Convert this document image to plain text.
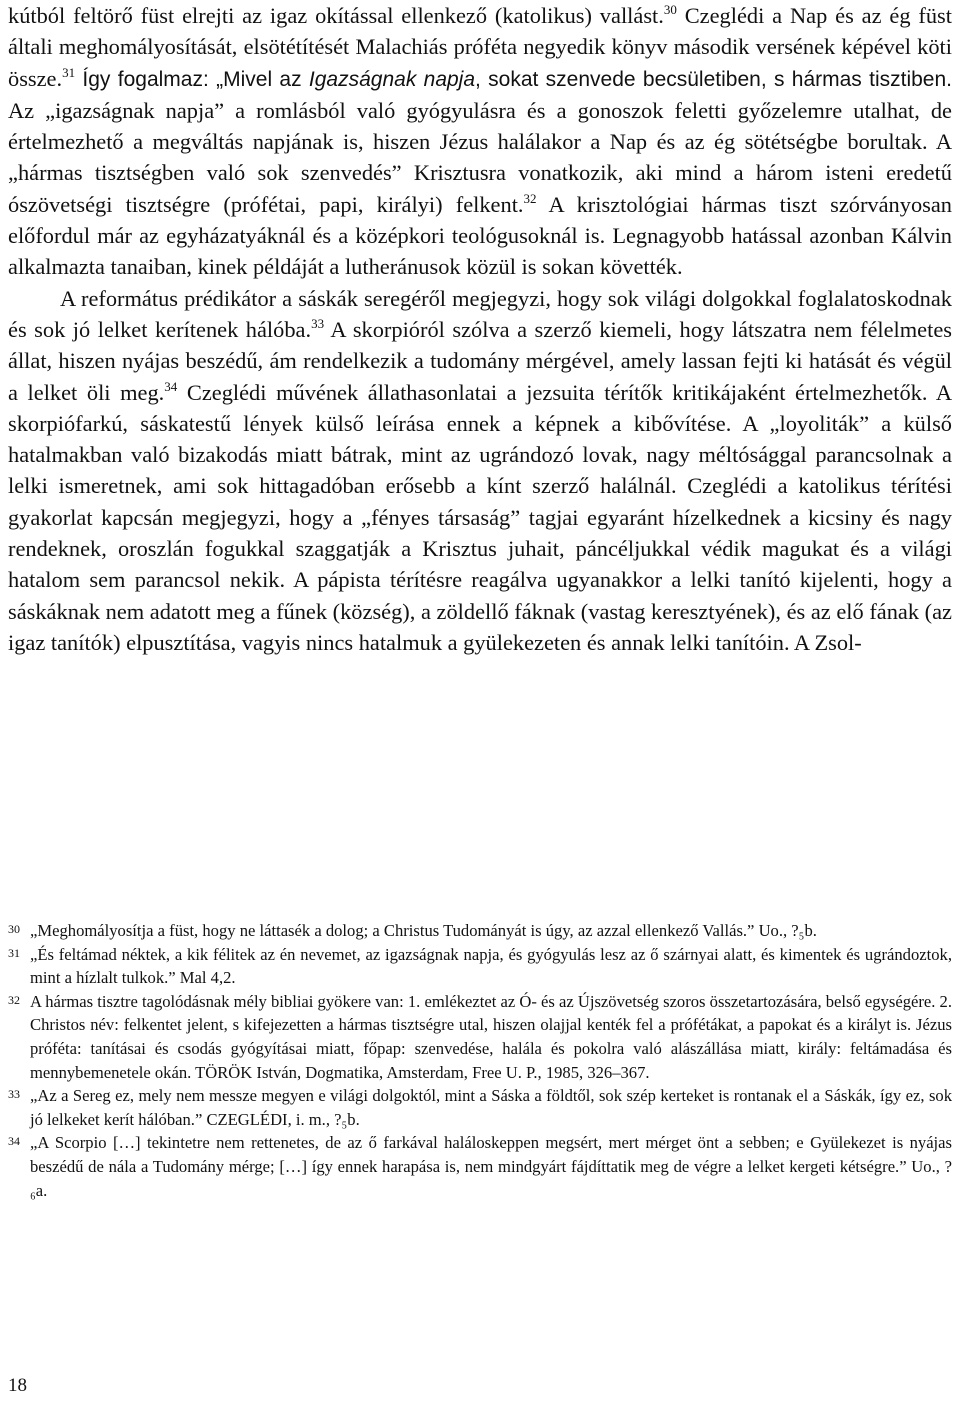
kútból feltörő füst elrejti az igaz okítással ellenkező (katolikus) vallást.$^{30}$ Czeglédi a Nap és az ég füst általi meghomályosítását, elsötétítését Malachiás próféta negyedik könyv második versének képével köti össze.$^{31}$ Így fogalmaz: „Mivel az Igazságnak napja, sokat szenvede becsületiben, s hármas tisztiben. Az „igazságnak napja” a romlásból való gyógyulásra és a gonoszok feletti győzelemre utalhat, de értelmezhető a megváltás napjának is, hiszen Jézus halálakor a Nap és az ég sötétségbe borultak. A „hármas tisztségben való sok szenvedés” Krisztusra vonatkozik, aki mind a három isteni eredetű ószövetségi tisztségre (prófétai, papi, királyi) felkent.$^{32}$ A krisztológiai hármas tiszt szórványosan előfordul már az egyházatyáknál és a középkori teológusoknál is. Legnagyobb hatással azonban Kálvin alkalmazta tanaiban, kinek példáját a lutheránusok közül is sokan követték.

A református prédikátor a sáskák seregéről megjegyzi, hogy sok világi dolgokkal foglalatoskodnak és sok jó lelket kerítenek hálóba.$^{33}$ A skorpióról szólva a szerző kiemeli, hogy látszatra nem félelmetes állat, hiszen nyájas beszédű, ám rendelkezik a tudomány mérgével, amely lassan fejti ki hatását és végül a lelket öli meg.$^{34}$ Czeglédi művének állathasonlatai a jezsuita térítők kritikájaként értelmezhetők. A skorpiófarkú, sáskatestű lények külső leírása ennek a képnek a kibővítése. A „loyoliták” a külső hatalmakban való bizakodás miatt bátrak, mint az ugrándozó lovak, nagy méltósággal parancsolnak a lelki ismeretnek, ami sok hittagadóban erősebb a kínt szerző halálnál. Czeglédi a katolikus térítési gyakorlat kapcsán megjegyzi, hogy a „fényes társaság” tagjai egyaránt hízelkednek a kicsiny és nagy rendeknek, oroszlán fogukkal szaggatják a Krisztus juhait, páncéljukkal védik magukat és a világi hatalom sem parancsol nekik. A pápista térítésre reagálva ugyanakkor a lelki tanító kijelenti, hogy a sáskáknak nem adatott meg a fűnek (község), a zöldellő fáknak (vastag keresztyének), és az elő fának (az igaz tanítók) elpusztítása, vagyis nincs hatalmuk a gyülekezeten és annak lelki tanítóin. A Zsol-

30 „Meghomályosítja a füst, hogy ne láttasék a dolog; a Christus Tudományát is úgy, az azzal ellenkező Vallás.” Uo., ?₅b.
31 „És feltámad néktek, a kik félitek az én nevemet, az igazságnak napja, és gyógyulás lesz az ő szárnyai alatt, és kimentek és ugrándoztok, mint a hízlalt tulkok.” Mal 4,2.
32 A hármas tisztre tagolódásnak mély bibliai gyökere van: 1. emlékeztet az Ó- és az Újszövetség szoros összetartozására, belső egységére. 2. Christos név: felkentet jelent, s kifejezetten a hármas tisztségre utal, hiszen olajjal kenték fel a prófétákat, a papokat és a királyt is. Jézus próféta: tanításai és csodás gyógyításai miatt, főpap: szenvedése, halála és pokolra való alászállása miatt, király: feltámadása és mennybemenetele okán. TÖRÖK István, Dogmatika, Amsterdam, Free U. P., 1985, 326–367.
33 „Az a Sereg ez, mely nem messze megyen e világi dolgoktól, mint a Sáska a földtől, sok szép kerteket is rontanak el a Sáskák, így ez, sok jó lelkeket kerít hálóban.” CZEGLÉDI, i. m., ?₅b.
34 „A Scorpio […] tekintetre nem rettenetes, de az ő farkával haláloskeppen megsért, mert mérget önt a sebben; e Gyülekezet is nyájas beszédű de nála a Tudomány mérge; […] így ennek harapása is, nem mindgyárt fájdíttatik meg de végre a lelket kergeti kétségre.” Uo., ?₆a.
18
